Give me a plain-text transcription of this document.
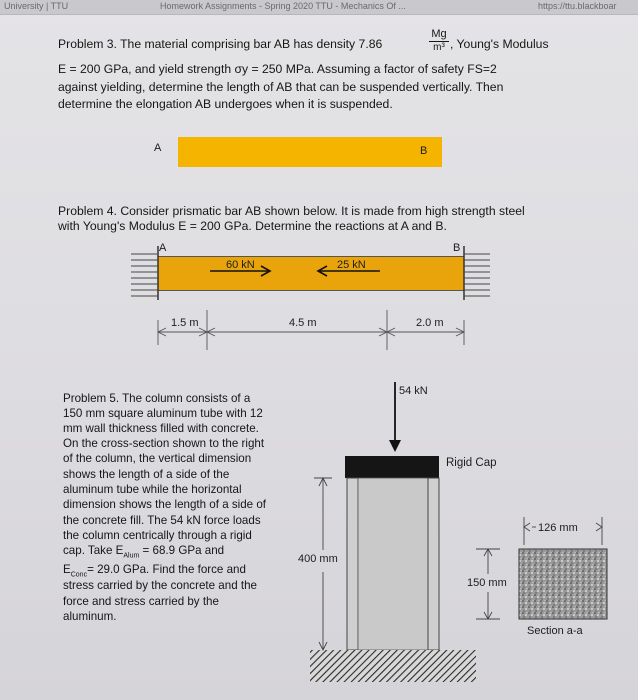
University | TTU	Homework Assignments - Spring 2020 TTU - Mechanics Of ...	https://ttu.blackboar
Problem 3. The material comprising bar AB has density 7.86
Mg
m³ , Young's Modulus
E = 200 GPa, and yield strength σy = 250 MPa. Assuming a factor of safety FS=2
against yielding, determine the length of AB that can be suspended vertically. Then
determine the elongation AB undergoes when it is suspended.
A	B
Problem 4. Consider prismatic bar AB shown below. It is made from high strength steel
with Young's Modulus E = 200 GPa. Determine the reactions at A and B.
A	B
60 kN	25 kN
1.5 m	4.5 m	2.0 m
Problem 5. The column consists of a
150 mm square aluminum tube with 12
mm wall thickness filled with concrete.
On the cross-section shown to the right
of the column, the vertical dimension
shows the length of a side of the
aluminum tube while the horizontal
dimension shows the length of a side of
the concrete fill. The 54 kN force loads
the column centrically through a rigid
cap. Take $E_{Alum} = 68.9$ GPa and
$E_{Conc}= 29.0$ GPa. Find the force and
stress carried by the concrete and the
force and stress carried by the
aluminum.
54 kN
Rigid Cap
400 mm
150 mm
126 mm
Section a-a
